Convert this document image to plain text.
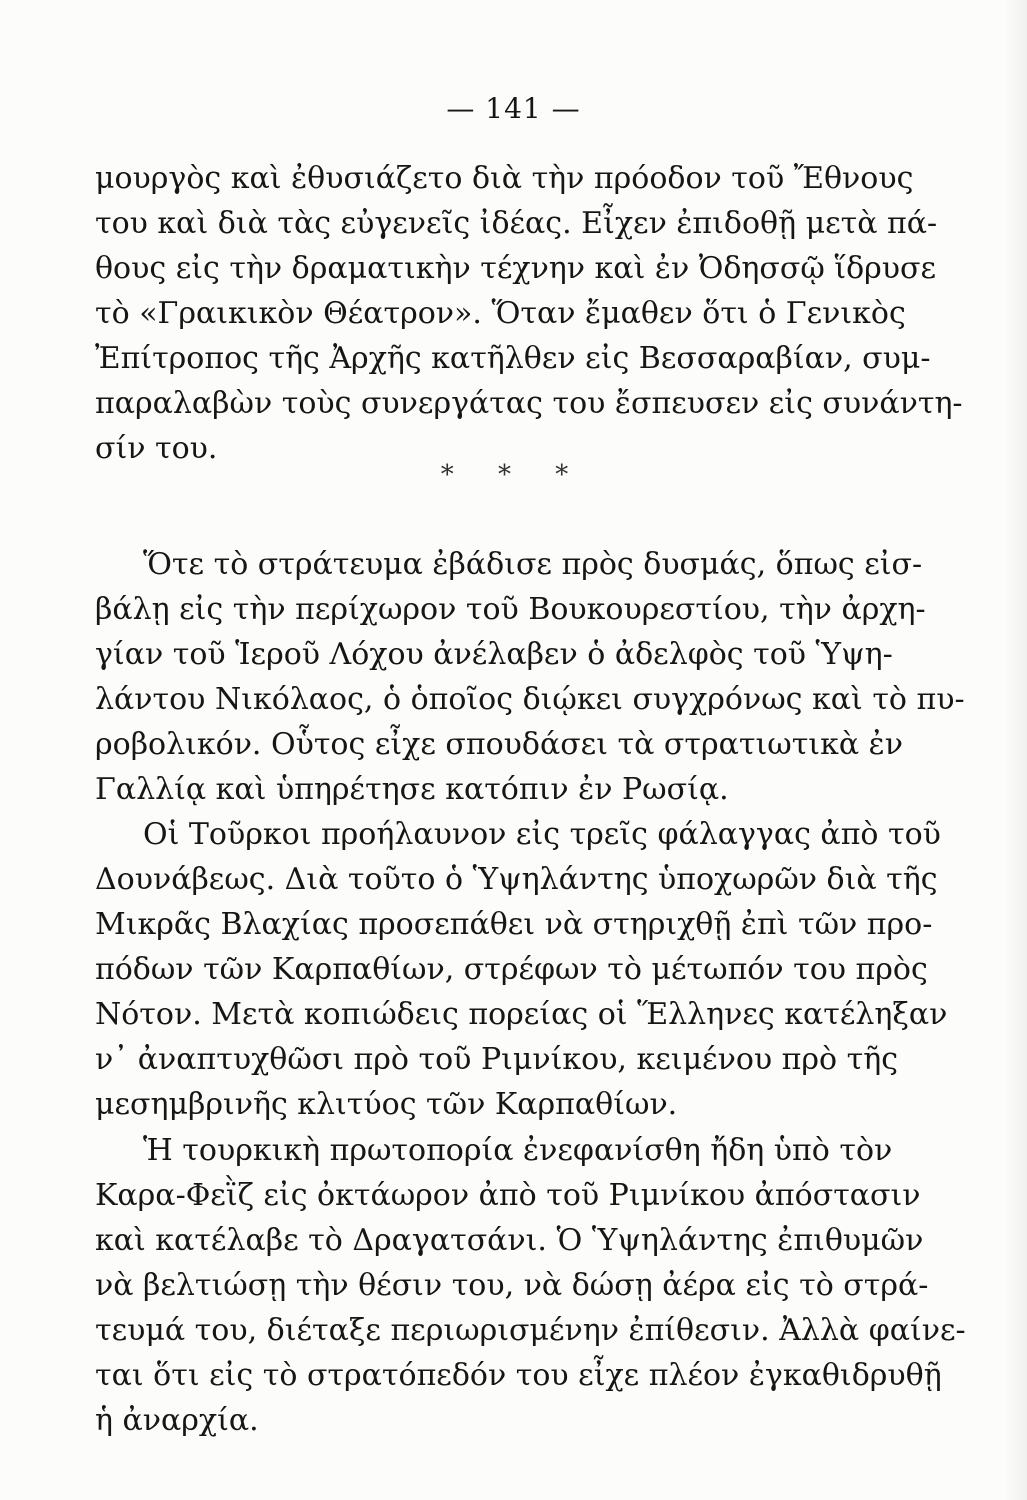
— 141 —
μουργὸς καὶ ἐθυσιάζετο διὰ τὴν πρόοδον τοῦ Ἔθνους
του καὶ διὰ τὰς εὐγενεῖς ἰδέας. Εἶχεν ἐπιδοθῇ μετὰ πά-
θους εἰς τὴν δραματικὴν τέχνην καὶ ἐν Ὀδησσῷ ἵδρυσε
τὸ «Γραικικὸν Θέατρον». Ὅταν ἔμαθεν ὅτι ὁ Γενικὸς
Ἐπίτροπος τῆς Ἀρχῆς κατῆλθεν εἰς Βεσσαραβίαν, συμ-
παραλαβὼν τοὺς συνεργάτας του ἔσπευσεν εἰς συνάντη-
σίν του.
* * *
Ὅτε τὸ στράτευμα ἐβάδισε πρὸς δυσμάς, ὅπως εἰσ-
βάλῃ εἰς τὴν περίχωρον τοῦ Βουκουρεστίου, τὴν ἀρχη-
γίαν τοῦ Ἱεροῦ Λόχου ἀνέλαβεν ὁ ἀδελφὸς τοῦ Ὑψη-
λάντου Νικόλαος, ὁ ὁποῖος διῴκει συγχρόνως καὶ τὸ πυ-
ροβολικόν. Οὗτος εἶχε σπουδάσει τὰ στρατιωτικὰ ἐν
Γαλλίᾳ καὶ ὑπηρέτησε κατόπιν ἐν Ρωσίᾳ.
Οἱ Τοῦρκοι προήλαυνον εἰς τρεῖς φάλαγγας ἀπὸ τοῦ
Δουνάβεως. Διὰ τοῦτο ὁ Ὑψηλάντης ὑποχωρῶν διὰ τῆς
Μικρᾶς Βλαχίας προσεπάθει νὰ στηριχθῇ ἐπὶ τῶν προ-
πόδων τῶν Καρπαθίων, στρέφων τὸ μέτωπόν του πρὸς
Νότον. Μετὰ κοπιώδεις πορείας οἱ Ἕλληνες κατέληξαν
ν᾽ ἀναπτυχθῶσι πρὸ τοῦ Ριμνίκου, κειμένου πρὸ τῆς
μεσημβρινῆς κλιτύος τῶν Καρπαθίων.
Ἡ τουρκικὴ πρωτοπορία ἐνεφανίσθη ἤδη ὑπὸ τὸν
Καρα-Φεῒζ εἰς ὀκτάωρον ἀπὸ τοῦ Ριμνίκου ἀπόστασιν
καὶ κατέλαβε τὸ Δραγατσάνι. Ὁ Ὑψηλάντης ἐπιθυμῶν
νὰ βελτιώσῃ τὴν θέσιν του, νὰ δώσῃ ἀέρα εἰς τὸ στρά-
τευμά του, διέταξε περιωρισμένην ἐπίθεσιν. Ἀλλὰ φαίνε-
ται ὅτι εἰς τὸ στρατόπεδόν του εἶχε πλέον ἐγκαθιδρυθῇ
ἡ ἀναρχία.
